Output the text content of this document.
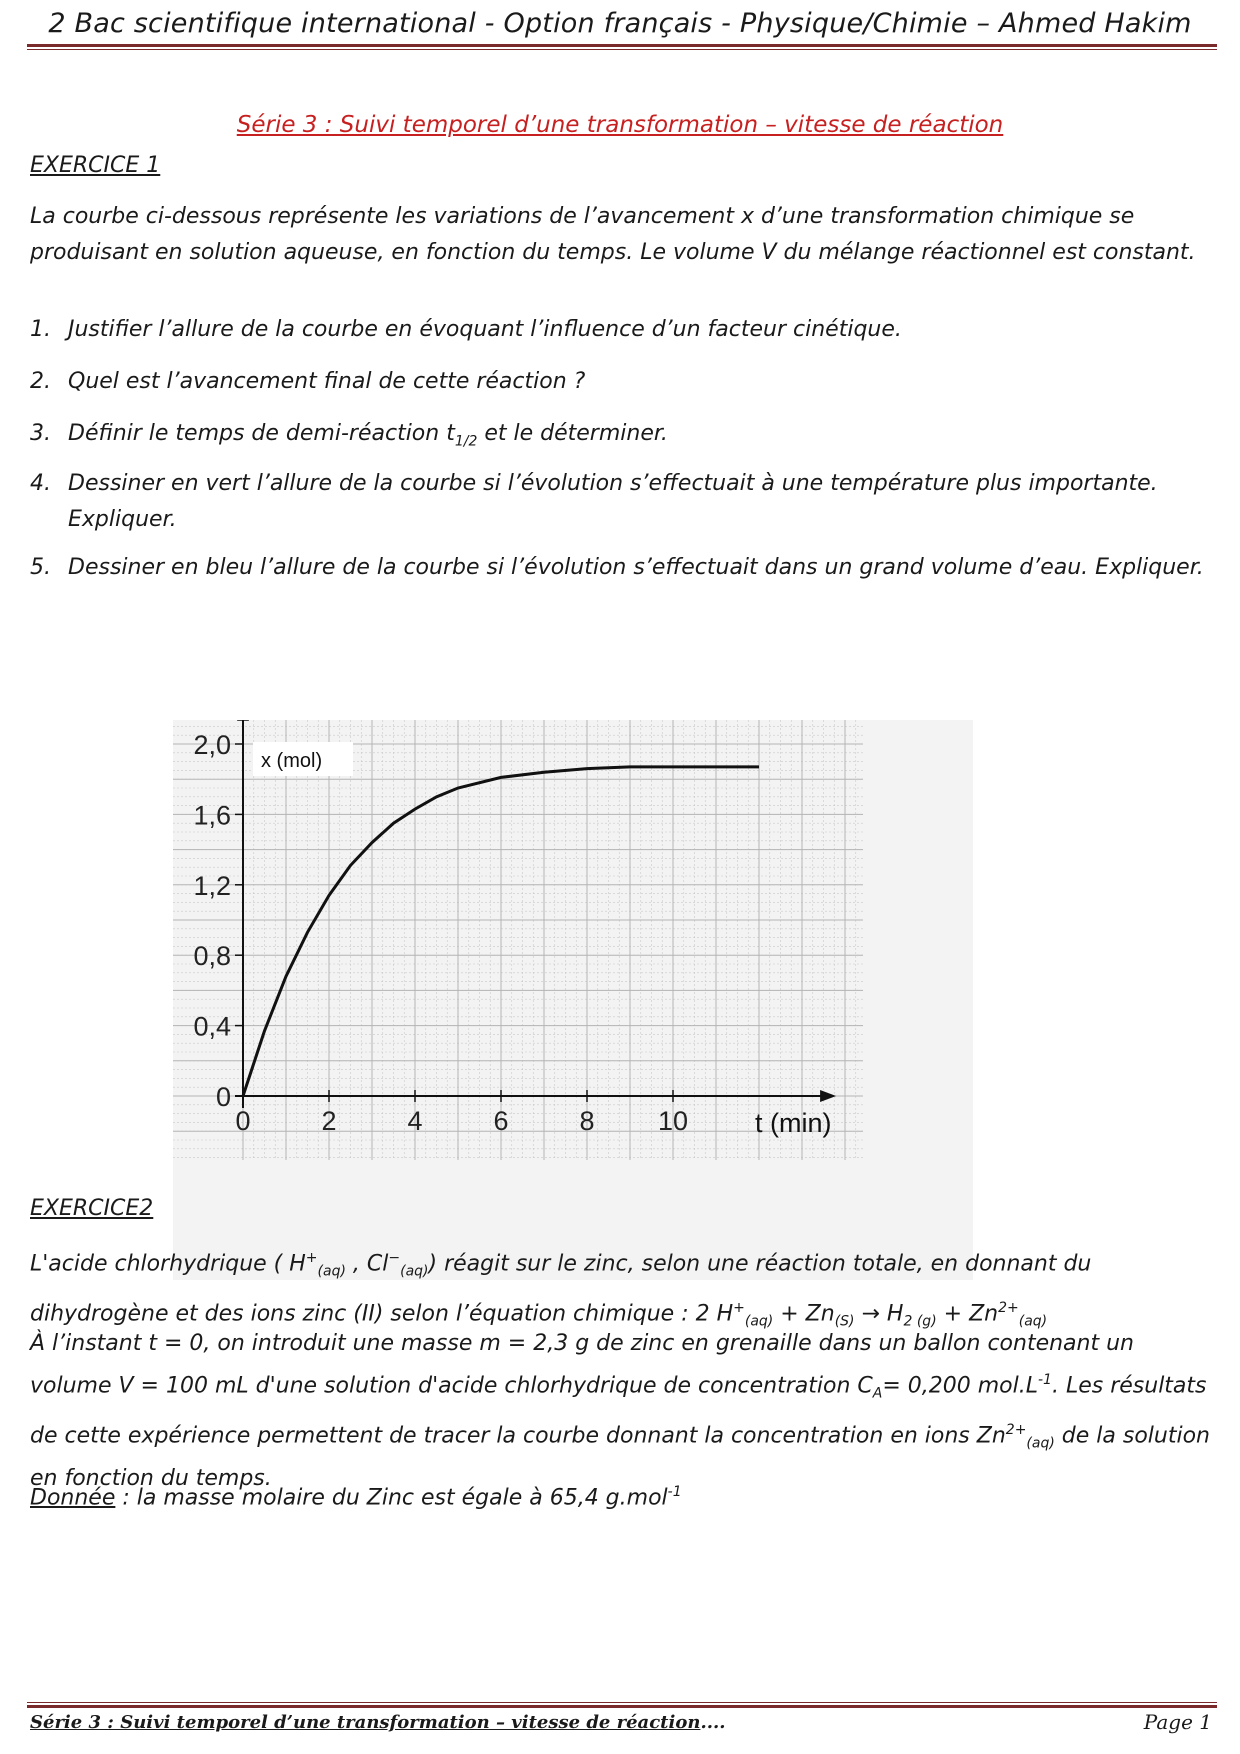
2 Bac scientifique international - Option français - Physique/Chimie – Ahmed Hakim
Série 3 : Suivi temporel d’une transformation – vitesse de réaction
EXERCICE 1
La courbe ci-dessous représente les variations de l’avancement x d’une transformation chimique se produisant en solution aqueuse, en fonction du temps. Le volume V du mélange réactionnel est constant.
1. Justifier l’allure de la courbe en évoquant l’influence d’un facteur cinétique.
2. Quel est l’avancement final de cette réaction ?
3. Définir le temps de demi-réaction $t_{1/2}$ et le déterminer.
4. Dessiner en vert l’allure de la courbe si l’évolution s’effectuait à une température plus importante. Expliquer.
5. Dessiner en bleu l’allure de la courbe si l’évolution s’effectuait dans un grand volume d’eau. Expliquer.
x (mol)
0	2	4	6	8 10
0
0,4
0,8
1,2
1,6
2,0
t (min)
EXERCICE2
L'acide chlorhydrique ( $H^+_{(aq)}$ , $Cl^-_{(aq)}$) réagit sur le zinc, selon une réaction totale, en donnant du dihydrogène et des ions zinc (II) selon l’équation chimique : 2 $H^+_{(aq)} + Zn_{(S)} \to H_{2 (g)} + Zn^{2+}_{(aq)}$
À l’instant t = 0, on introduit une masse m = 2,3 g de zinc en grenaille dans un ballon contenant un volume V = 100 mL d'une solution d'acide chlorhydrique de concentration $C_A= 0,200$ $mol.L^{-1}$. Les résultats de cette expérience permettent de tracer la courbe donnant la concentration en ions $Zn^{2+}_{(aq)}$ de la solution en fonction du temps.
Donnée : la masse molaire du Zinc est égale à 65,4 g.mol$^{-1}$
Série 3 : Suivi temporel d’une transformation – vitesse de réaction....	Page 1
